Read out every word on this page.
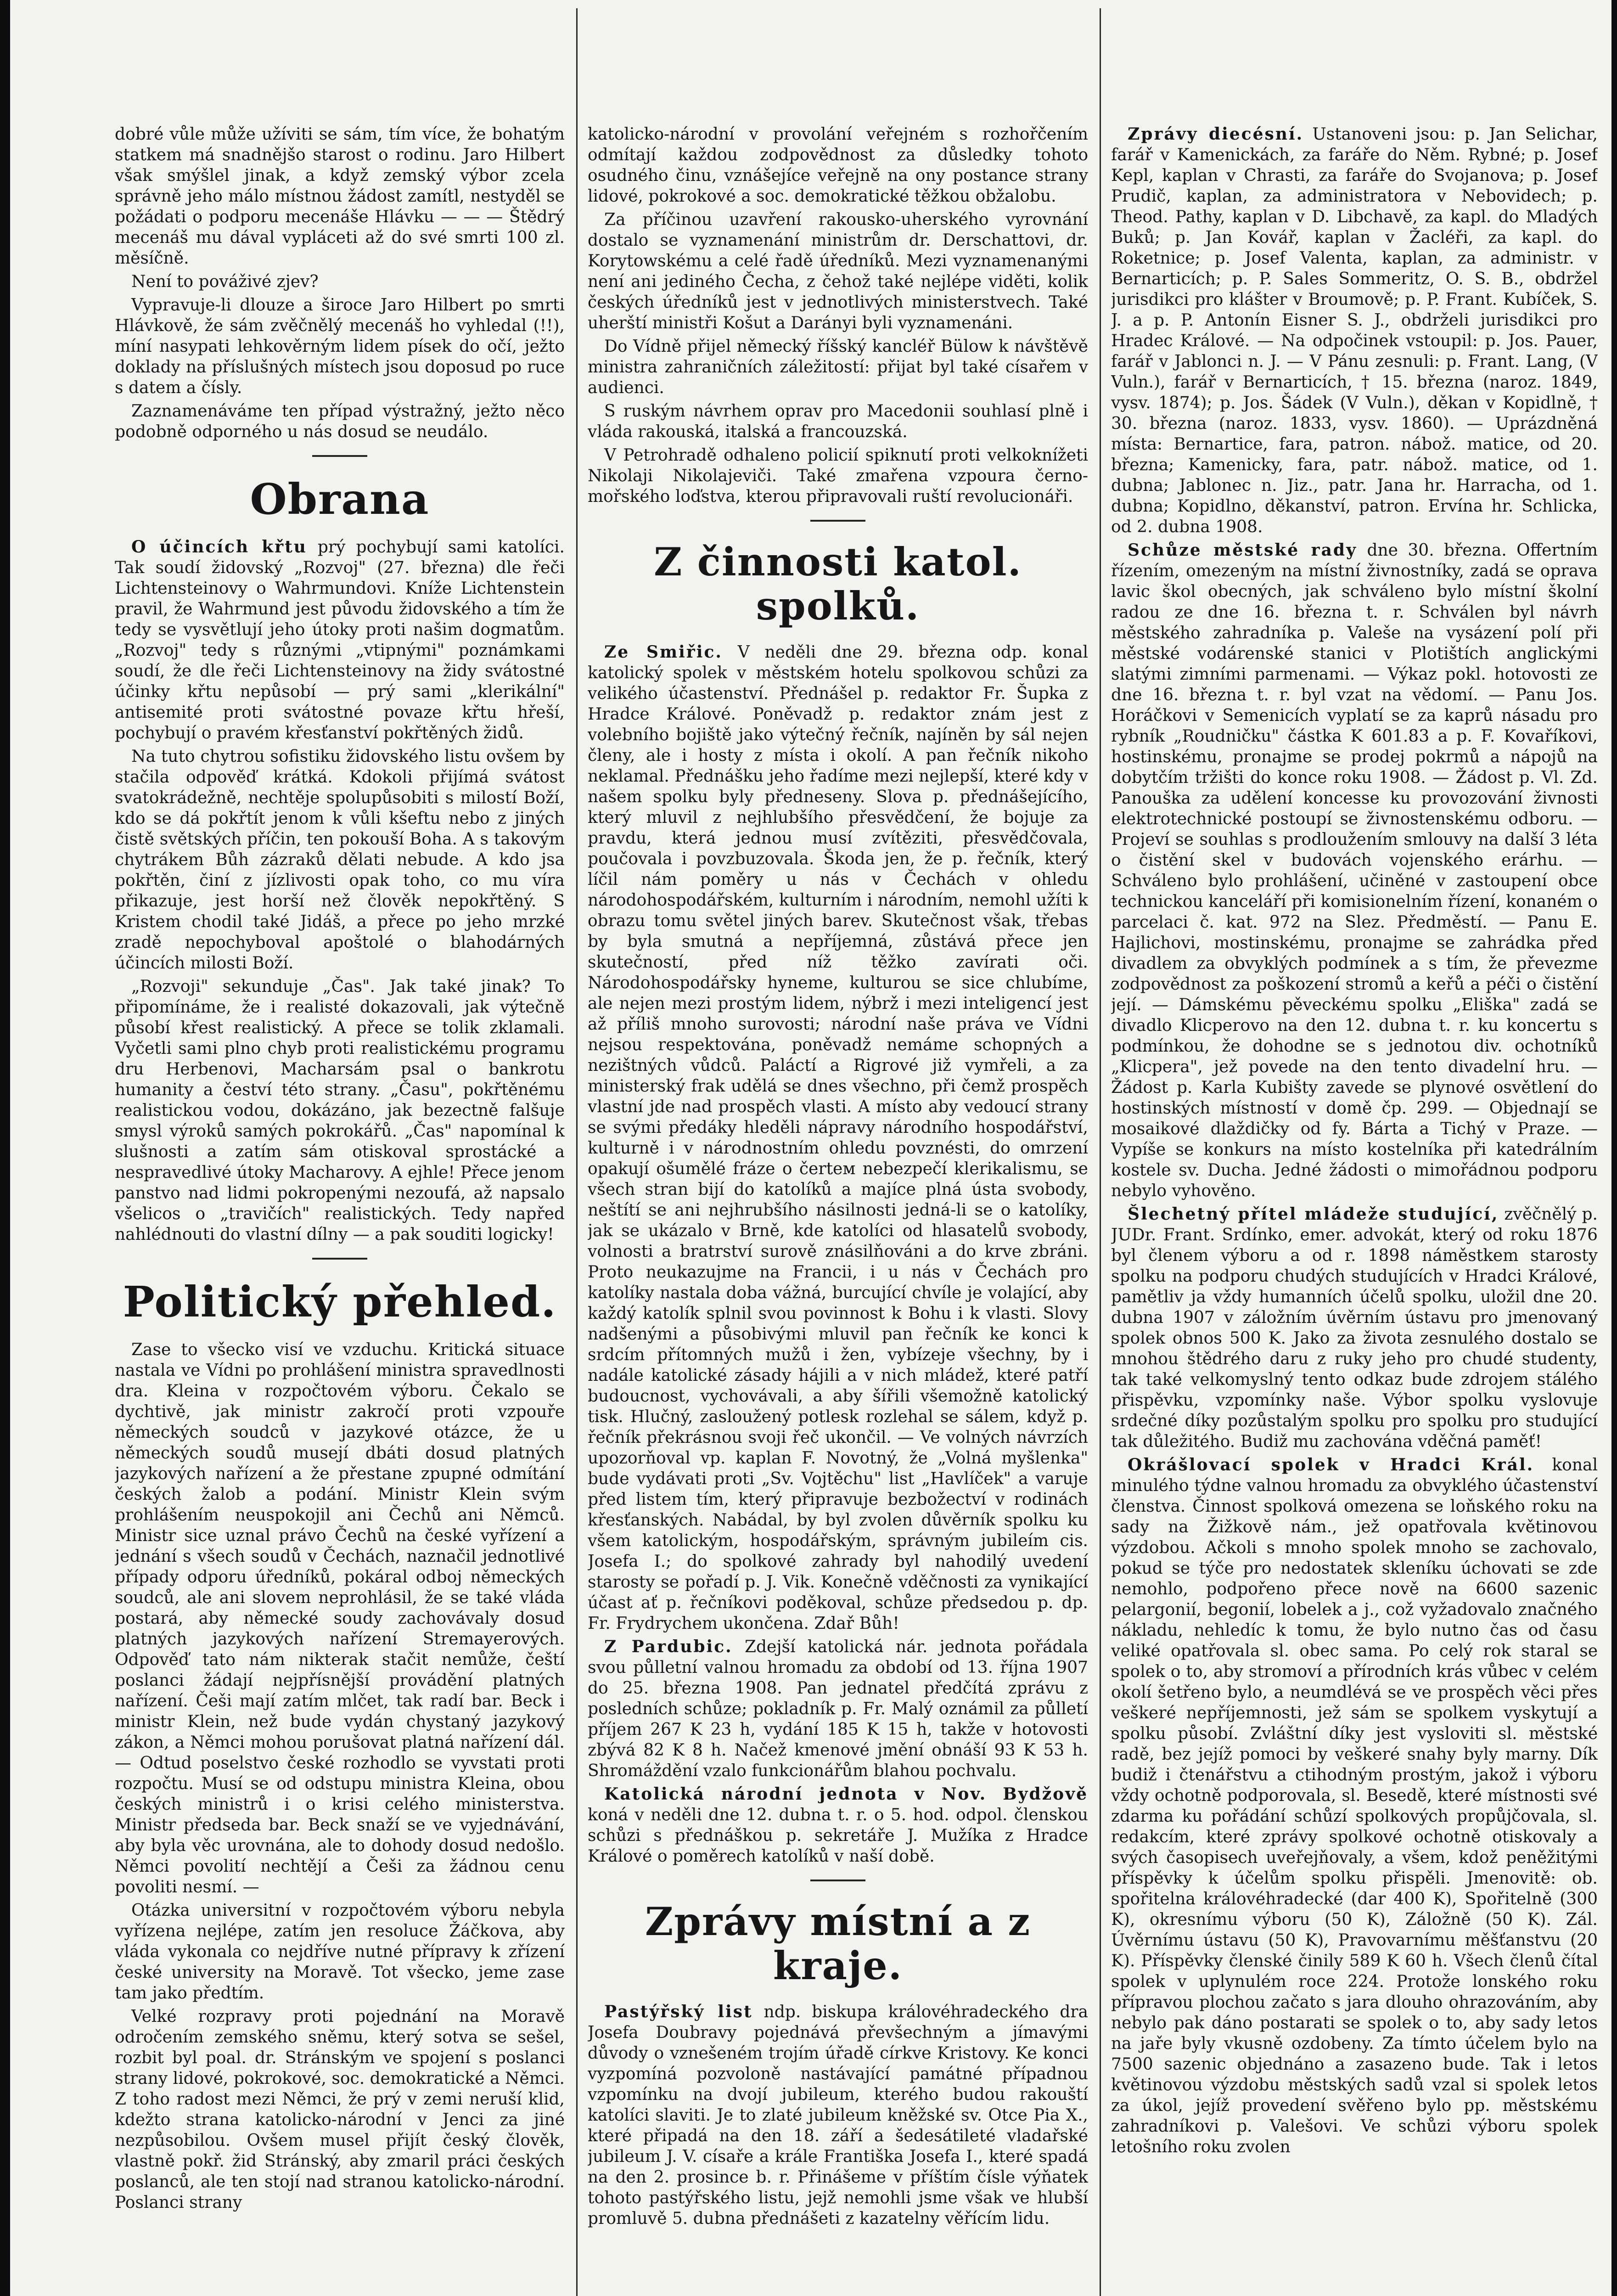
dobré vůle může užíviti se sám, tím více, že bohatým statkem má snadnějšo starost o rodinu. Jaro Hilbert však smýšlel jinak, a když zemský výbor zcela správně jeho málo místnou žádost zamítl, nestyděl se požádati o podporu mecenáše Hlávku — — — Štědrý mecenáš mu dával vypláceti až do své smrti 100 zl. měsíčně.

Není to pováživé zjev?

Vypravuje-li dlouze a široce Jaro Hilbert po smrti Hlávkově, že sám zvěčnělý mecenáš ho vyhledal (!!), míní nasypati lehkověrným lidem písek do očí, ježto doklady na příslušných místech jsou doposud po ruce s datem a čísly.

Zaznamenáváme ten případ výstražný, ježto něco podobně odporného u nás dosud se neudálo.

Obrana

O účincích křtu prý pochybují sami katolíci. Tak soudí židovský „Rozvoj" (27. března) dle řeči Lichtensteinovy o Wahrmundovi. Kníže Lichtenstein pravil, že Wahrmund jest původu židovského a tím že tedy se vysvětlují jeho útoky proti našim dogmatům. „Rozvoj" tedy s různými „vtipnými" poznámkami soudí, že dle řeči Lichtensteinovy na židy svátostné účinky křtu nepůsobí — prý sami „klerikální" antisemité proti svátostné povaze křtu hřeší, pochybují o pravém křesťanství pokřtěných židů.

Na tuto chytrou sofistiku židovského listu ovšem by stačila odpověď krátká. Kdokoli přijímá svátost svatokrádežně, nechtěje spolupůsobiti s milostí Boží, kdo se dá pokřtít jenom k vůli kšeftu nebo z jiných čistě světských příčin, ten pokouší Boha. A s takovým chytrákem Bůh zázraků dělati nebude. A kdo jsa pokřtěn, činí z jízlivosti opak toho, co mu víra přikazuje, jest horší než člověk nepokřtěný. S Kristem chodil také Jidáš, a přece po jeho mrzké zradě nepochyboval apoštolé o blahodárných účincích milosti Boží.

„Rozvoji" sekunduje „Čas". Jak také jinak? To připomínáme, že i realisté dokazovali, jak výtečně působí křest realistický. A přece se tolik zklamali. Vyčetli sami plno chyb proti realistickému programu dru Herbenovi, Macharsám psal o bankrotu humanity a čeství této strany. „Času", pokřtěnému realistickou vodou, dokázáno, jak bezectně falšuje smysl výroků samých pokrokářů. „Čas" napomínal k slušnosti a zatím sám otiskoval sprostácké a nespravedlivé útoky Macharovy. A ejhle! Přece jenom panstvo nad lidmi pokropenými nezoufá, až napsalo všelicos o „travičích" realistických. Tedy napřed nahlédnouti do vlastní dílny — a pak souditi logicky!

Politický přehled.

Zase to všecko visí ve vzduchu. Kritická situace nastala ve Vídni po prohlášení ministra spravedlnosti dra. Kleina v rozpočtovém výboru. Čekalo se dychtivě, jak ministr zakročí proti vzpouře německých soudců v jazykové otázce, že u německých soudů musejí dbáti dosud platných jazykových nařízení a že přestane zpupné odmítání českých žalob a podání. Ministr Klein svým prohlášením neuspokojil ani Čechů ani Němců. Ministr sice uznal právo Čechů na české vyřízení a jednání s všech soudů v Čechách, naznačil jednotlivé případy odporu úředníků, pokáral odboj německých soudců, ale ani slovem neprohlásil, že se také vláda postará, aby německé soudy zachovávaly dosud platných jazykových nařízení Stremayerových. Odpověď tato nám nikterak stačit nemůže, čeští poslanci žádají nejpřísnější provádění platných nařízení. Češi mají zatím mlčet, tak radí bar. Beck i ministr Klein, než bude vydán chystaný jazykový zákon, a Němci mohou porušovat platná nařízení dál. — Odtud poselstvo české rozhodlo se vyvstati proti rozpočtu. Musí se od odstupu ministra Kleina, obou českých ministrů i o krisi celého ministerstva. Ministr předseda bar. Beck snaží se ve vyjednávání, aby byla věc urovnána, ale to dohody dosud nedošlo. Němci povolití nechtějí a Češi za žádnou cenu povoliti nesmí. —

Otázka universitní v rozpočtovém výboru nebyla vyřízena nejlépe, zatím jen resoluce Žáčkova, aby vláda vykonala co nejdříve nutné přípravy k zřízení české university na Moravě. Tot všecko, jeme zase tam jako předtím.

Velké rozpravy proti pojednání na Moravě odročením zemského sněmu, který sotva se sešel, rozbit byl poal. dr. Stránským ve spojení s poslanci strany lidové, pokrokové, soc. demokratické a Němci. Z toho radost mezi Němci, že prý v zemi neruší klid, kdežto strana katolicko-národní v Jenci za jiné nezpůsobilou. Ovšem musel přijít český člověk, vlastně pokř. žid Stránský, aby zmaril práci českých poslanců, ale ten stojí nad stranou katolicko-národní. Poslanci strany

katolicko-národní v provolání veřejném s rozhořčením odmítají každou zodpovědnost za důsledky tohoto osudného činu, vznášejíce veřejně na ony postance strany lidové, pokrokové a soc. demokratické těžkou obžalobu.

Za příčinou uzavření rakousko-uherského vyrovnání dostalo se vyznamenání ministrům dr. Derschattovi, dr. Korytowskému a celé řadě úředníků. Mezi vyznamenanými není ani jediného Čecha, z čehož také nejlépe viděti, kolik českých úředníků jest v jednotlivých ministerstvech. Také uherští ministři Košut a Darányi byli vyznamenáni.

Do Vídně přijel německý říšský kancléř Bülow k návštěvě ministra zahraničních záležitostí: přijat byl také císařem v audienci.

S ruským návrhem oprav pro Macedonii souhlasí plně i vláda rakouská, italská a francouzská.

V Petrohradě odhaleno policií spiknutí proti velkoknížeti Nikolaji Nikolajeviči. Také zmařena vzpoura černo-mořského loďstva, kterou připravovali ruští revolucionáři.

Z činnosti katol. spolků.

Ze Smiřic. V neděli dne 29. března odp. konal katolický spolek v městském hotelu spolkovou schůzi za velikého účastenství. Přednášel p. redaktor Fr. Šupka z Hradce Králové. Poněvadž p. redaktor znám jest z volebního bojiště jako výtečný řečník, najíněn by sál nejen členy, ale i hosty z místa i okolí. A pan řečník nikoho neklamal. Přednášku jeho řadíme mezi nejlepší, které kdy v našem spolku byly předneseny. Slova p. přednášejícího, který mluvil z nejhlubšího přesvědčení, že bojuje za pravdu, která jednou musí zvítěziti, přesvědčovala, poučovala i povzbuzovala. Škoda jen, že p. řečník, který líčil nám poměry u nás v Čechách v ohledu národohospodářském, kulturním i národním, nemohl užíti k obrazu tomu světel jiných barev. Skutečnost však, třebas by byla smutná a nepříjemná, zůstává přece jen skutečností, před níž těžko zavírati oči. Národohospodářsky hyneme, kulturou se sice chlubíme, ale nejen mezi prostým lidem, nýbrž i mezi inteligencí jest až příliš mnoho surovosti; národní naše práva ve Vídni nejsou respektována, poněvadž nemáme schopných a nezištných vůdců. Paláctí a Rigrové již vymřeli, a za ministerský frak udělá se dnes všechno, při čemž prospěch vlastní jde nad prospěch vlasti. A místo aby vedoucí strany se svými předáky hleděli nápravy národního hospodářství, kulturně i v národnostním ohledu povznésti, do omrzení opakují ošumělé fráze o čerteм nebezpečí klerikalismu, se všech stran bijí do katolíků a majíce plná ústa svobody, neštítí se ani nejhrubšího násilnosti jedná-li se o katolíky, jak se ukázalo v Brně, kde katolíci od hlasatelů svobody, volnosti a bratrství surově znásilňováni a do krve zbráni. Proto neukazujme na Francii, i u nás v Čechách pro katolíky nastala doba vážná, burcující chvíle je volající, aby každý katolík splnil svou povinnost k Bohu i k vlasti. Slovy nadšenými a působivými mluvil pan řečník ke konci k srdcím přítomných mužů i žen, vybízeje všechny, by i nadále katolické zásady hájili a v nich mládež, které patří budoucnost, vychovávali, a aby šířili všemožně katolický tisk. Hlučný, zasloužený potlesk rozlehal se sálem, když p. řečník překrásnou svoji řeč ukončil. — Ve volných návrzích upozorňoval vp. kaplan F. Novotný, že „Volná myšlenka" bude vydávati proti „Sv. Vojtěchu" list „Havlíček" a varuje před listem tím, který připravuje bezbožectví v rodinách křesťanských. Nabádal, by byl zvolen důvěrník spolku ku všem katolickým, hospodářským, správným jubileím cis. Josefa I.; do spolkové zahrady byl nahodilý uvedení starosty se pořadí p. J. Vik. Konečně vděčnosti za vynikající účast ať p. řečníkovi poděkoval, schůze předsedou p. dp. Fr. Frydrychem ukončena. Zdař Bůh!

Z Pardubic. Zdejší katolická nár. jednota pořádala svou půlletní valnou hromadu za období od 13. října 1907 do 25. března 1908. Pan jednatel předčítá zprávu z posledních schůze; pokladník p. Fr. Malý oznámil za půlletí příjem 267 K 23 h, vydání 185 K 15 h, takže v hotovosti zbývá 82 K 8 h. Načež kmenové jmění obnáší 93 K 53 h. Shromáždění vzalo funkcionářům blahou pochvalu.

Katolická národní jednota v Nov. Bydžově koná v neděli dne 12. dubna t. r. o 5. hod. odpol. členskou schůzi s přednáškou p. sekretáře J. Mužíka z Hradce Králové o poměrech katolíků v naší době.

Zprávy místní a z kraje.

Pastýřský list ndp. biskupa královéhradeckého dra Josefa Doubravy pojednává převšechným a jímavými důvody o vznešeném trojím úřadě církve Kristovy. Ke konci vyzpomíná pozvoloně nastávající památné případnou vzpomínku na dvojí jubileum, kterého budou rakouští katolíci slaviti. Je to zlaté jubileum kněžské sv. Otce Pia X., které připadá na den 18. září a šedesátileté vladařské jubileum J. V. císaře a krále Františka Josefa I., které spadá na den 2. prosince b. r. Přinášeme v příštím čísle výňatek tohoto pastýřského listu, jejž nemohli jsme však ve hlubší promluvě 5. dubna přednášeti z kazatelny věřícím lidu.

Zprávy diecésní. Ustanoveni jsou: p. Jan Selichar, farář v Kamenickách, za faráře do Něm. Rybné; p. Josef Kepl, kaplan v Chrasti, za faráře do Svojanova; p. Josef Prudič, kaplan, za administratora v Nebovidech; p. Theod. Pathy, kaplan v D. Libchavě, za kapl. do Mladých Buků; p. Jan Kovář, kaplan v Žacléři, za kapl. do Roketnice; p. Josef Valenta, kaplan, za administr. v Bernarticích; p. P. Sales Sommeritz, O. S. B., obdržel jurisdikci pro klášter v Broumově; p. P. Frant. Kubíček, S. J. a p. P. Antonín Eisner S. J., obdrželi jurisdikci pro Hradec Králové. — Na odpočinek vstoupil: p. Jos. Pauer, farář v Jablonci n. J. — V Pánu zesnuli: p. Frant. Lang, (V Vuln.), farář v Bernarticích, † 15. března (naroz. 1849, vysv. 1874); p. Jos. Šádek (V Vuln.), děkan v Kopidlně, † 30. března (naroz. 1833, vysv. 1860). — Uprázdněná místa: Bernartice, fara, patron. nábož. matice, od 20. března; Kamenicky, fara, patr. nábož. matice, od 1. dubna; Jablonec n. Jiz., patr. Jana hr. Harracha, od 1. dubna; Kopidlno, děkanství, patron. Ervína hr. Schlicka, od 2. dubna 1908.

Schůze městské rady dne 30. března. Offertním řízením, omezeným na místní živnostníky, zadá se oprava lavic škol obecných, jak schváleno bylo místní školní radou ze dne 16. března t. r. Schválen byl návrh městského zahradníka p. Valeše na vysázení polí při městské vodárenské stanici v Plotištích anglickými slatými zimními parmenami. — Výkaz pokl. hotovosti ze dne 16. března t. r. byl vzat na vědomí. — Panu Jos. Horáčkovi v Semenicích vyplatí se za kaprů násadu pro rybník „Roudničku" částka K 601.83 a p. F. Kovaříkovi, hostinskému, pronajme se prodej pokrmů a nápojů na dobytčím tržišti do konce roku 1908. — Žádost p. Vl. Zd. Panouška za udělení koncesse ku provozování živnosti elektrotechnické postoupí se živnostenskému odboru. — Projeví se souhlas s prodloužením smlouvy na další 3 léta o čistění skel v budovách vojenského erárhu. — Schváleno bylo prohlášení, učiněné v zastoupení obce technickou kanceláří při komisionelním řízení, konaném o parcelaci č. kat. 972 na Slez. Předměstí. — Panu E. Hajlichovi, mostinskému, pronajme se zahrádka před divadlem za obvyklých podmínek a s tím, že převezme zodpovědnost za poškození stromů a keřů a péči o čistění její. — Dámskému pěveckému spolku „Eliška" zadá se divadlo Klicperovo na den 12. dubna t. r. ku koncertu s podmínkou, že dohodne se s jednotou div. ochotníků „Klicpera", jež povede na den tento divadelní hru. — Žádost p. Karla Kubišty zavede se plynové osvětlení do hostinských místností v domě čp. 299. — Objednají se mosaikové dlaždičky od fy. Bárta a Tichý v Praze. — Vypíše se konkurs na místo kostelníka při katedrálním kostele sv. Ducha. Jedné žádosti o mimořádnou podporu nebylo vyhověno.

Šlechetný přítel mládeže studující, zvěčnělý p. JUDr. Frant. Srdínko, emer. advokát, který od roku 1876 byl členem výboru a od r. 1898 náměstkem starosty spolku na podporu chudých studujících v Hradci Králové, pamětliv ja vždy humanních účelů spolku, uložil dne 20. dubna 1907 v záložním úvěrním ústavu pro jmenovaný spolek obnos 500 K. Jako za života zesnulého dostalo se mnohou štědrého daru z ruky jeho pro chudé studenty, tak také velkomyslný tento odkaz bude zdrojem stálého přispěvku, vzpomínky naše. Výbor spolku vyslovuje srdečné díky pozůstalým spolku pro spolku pro studující tak důležitého. Budiž mu zachována vděčná paměť!

Okrášlovací spolek v Hradci Král. konal minulého týdne valnou hromadu za obvyklého účastenství členstva. Činnost spolková omezena se loňského roku na sady na Žižkově nám., jež opatřovala květinovou výzdobou. Ačkoli s mnoho spolek mnoho se zachovalo, pokud se týče pro nedostatek skleníku úchovati se zde nemohlo, podpořeno přece nově na 6600 sazenic pelargonií, begonií, lobelek a j., což vyžadovalo značného nákladu, nehledíc k tomu, že bylo nutno čas od času veliké opatřovala sl. obec sama. Po celý rok staral se spolek o to, aby stromoví a přírodních krás vůbec v celém okolí šetřeno bylo, a neumdlévá se ve prospěch věci přes veškeré nepříjemnosti, jež sám se spolkem vyskytují a spolku působí. Zvláštní díky jest vysloviti sl. městské radě, bez jejíž pomoci by veškeré snahy byly marny. Dík budiž i čtenářstvu a ctihodným prostým, jakož i výboru vždy ochotně podporovala, sl. Besedě, které místnosti své zdarma ku pořádání schůzí spolkových propůjčovala, sl. redakcím, které zprávy spolkové ochotně otiskovaly a svých časopisech uveřejňovaly, a všem, kdož peněžitými příspěvky k účelům spolku přispěli. Jmenovitě: ob. spořitelna královéhradecké (dar 400 K), Spořitelně (300 K), okresnímu výboru (50 K), Záložně (50 K). Zál. Úvěrnímu ústavu (50 K), Pravovarnímu měšťanstvu (20 K). Příspěvky členské činily 589 K 60 h. Všech členů čítal spolek v uplynulém roce 224. Protože lonského roku přípravou plochou začato s jara dlouho ohrazováním, aby nebylo pak dáno postarati se spolek o to, aby sady letos na jaře byly vkusně ozdobeny. Za tímto účelem bylo na 7500 sazenic objednáno a zasazeno bude. Tak i letos květinovou výzdobu městských sadů vzal si spolek letos za úkol, jejíž provedení svěřeno bylo pp. městskému zahradníkovi p. Valešovi. Ve schůzi výboru spolek letošního roku zvolen
